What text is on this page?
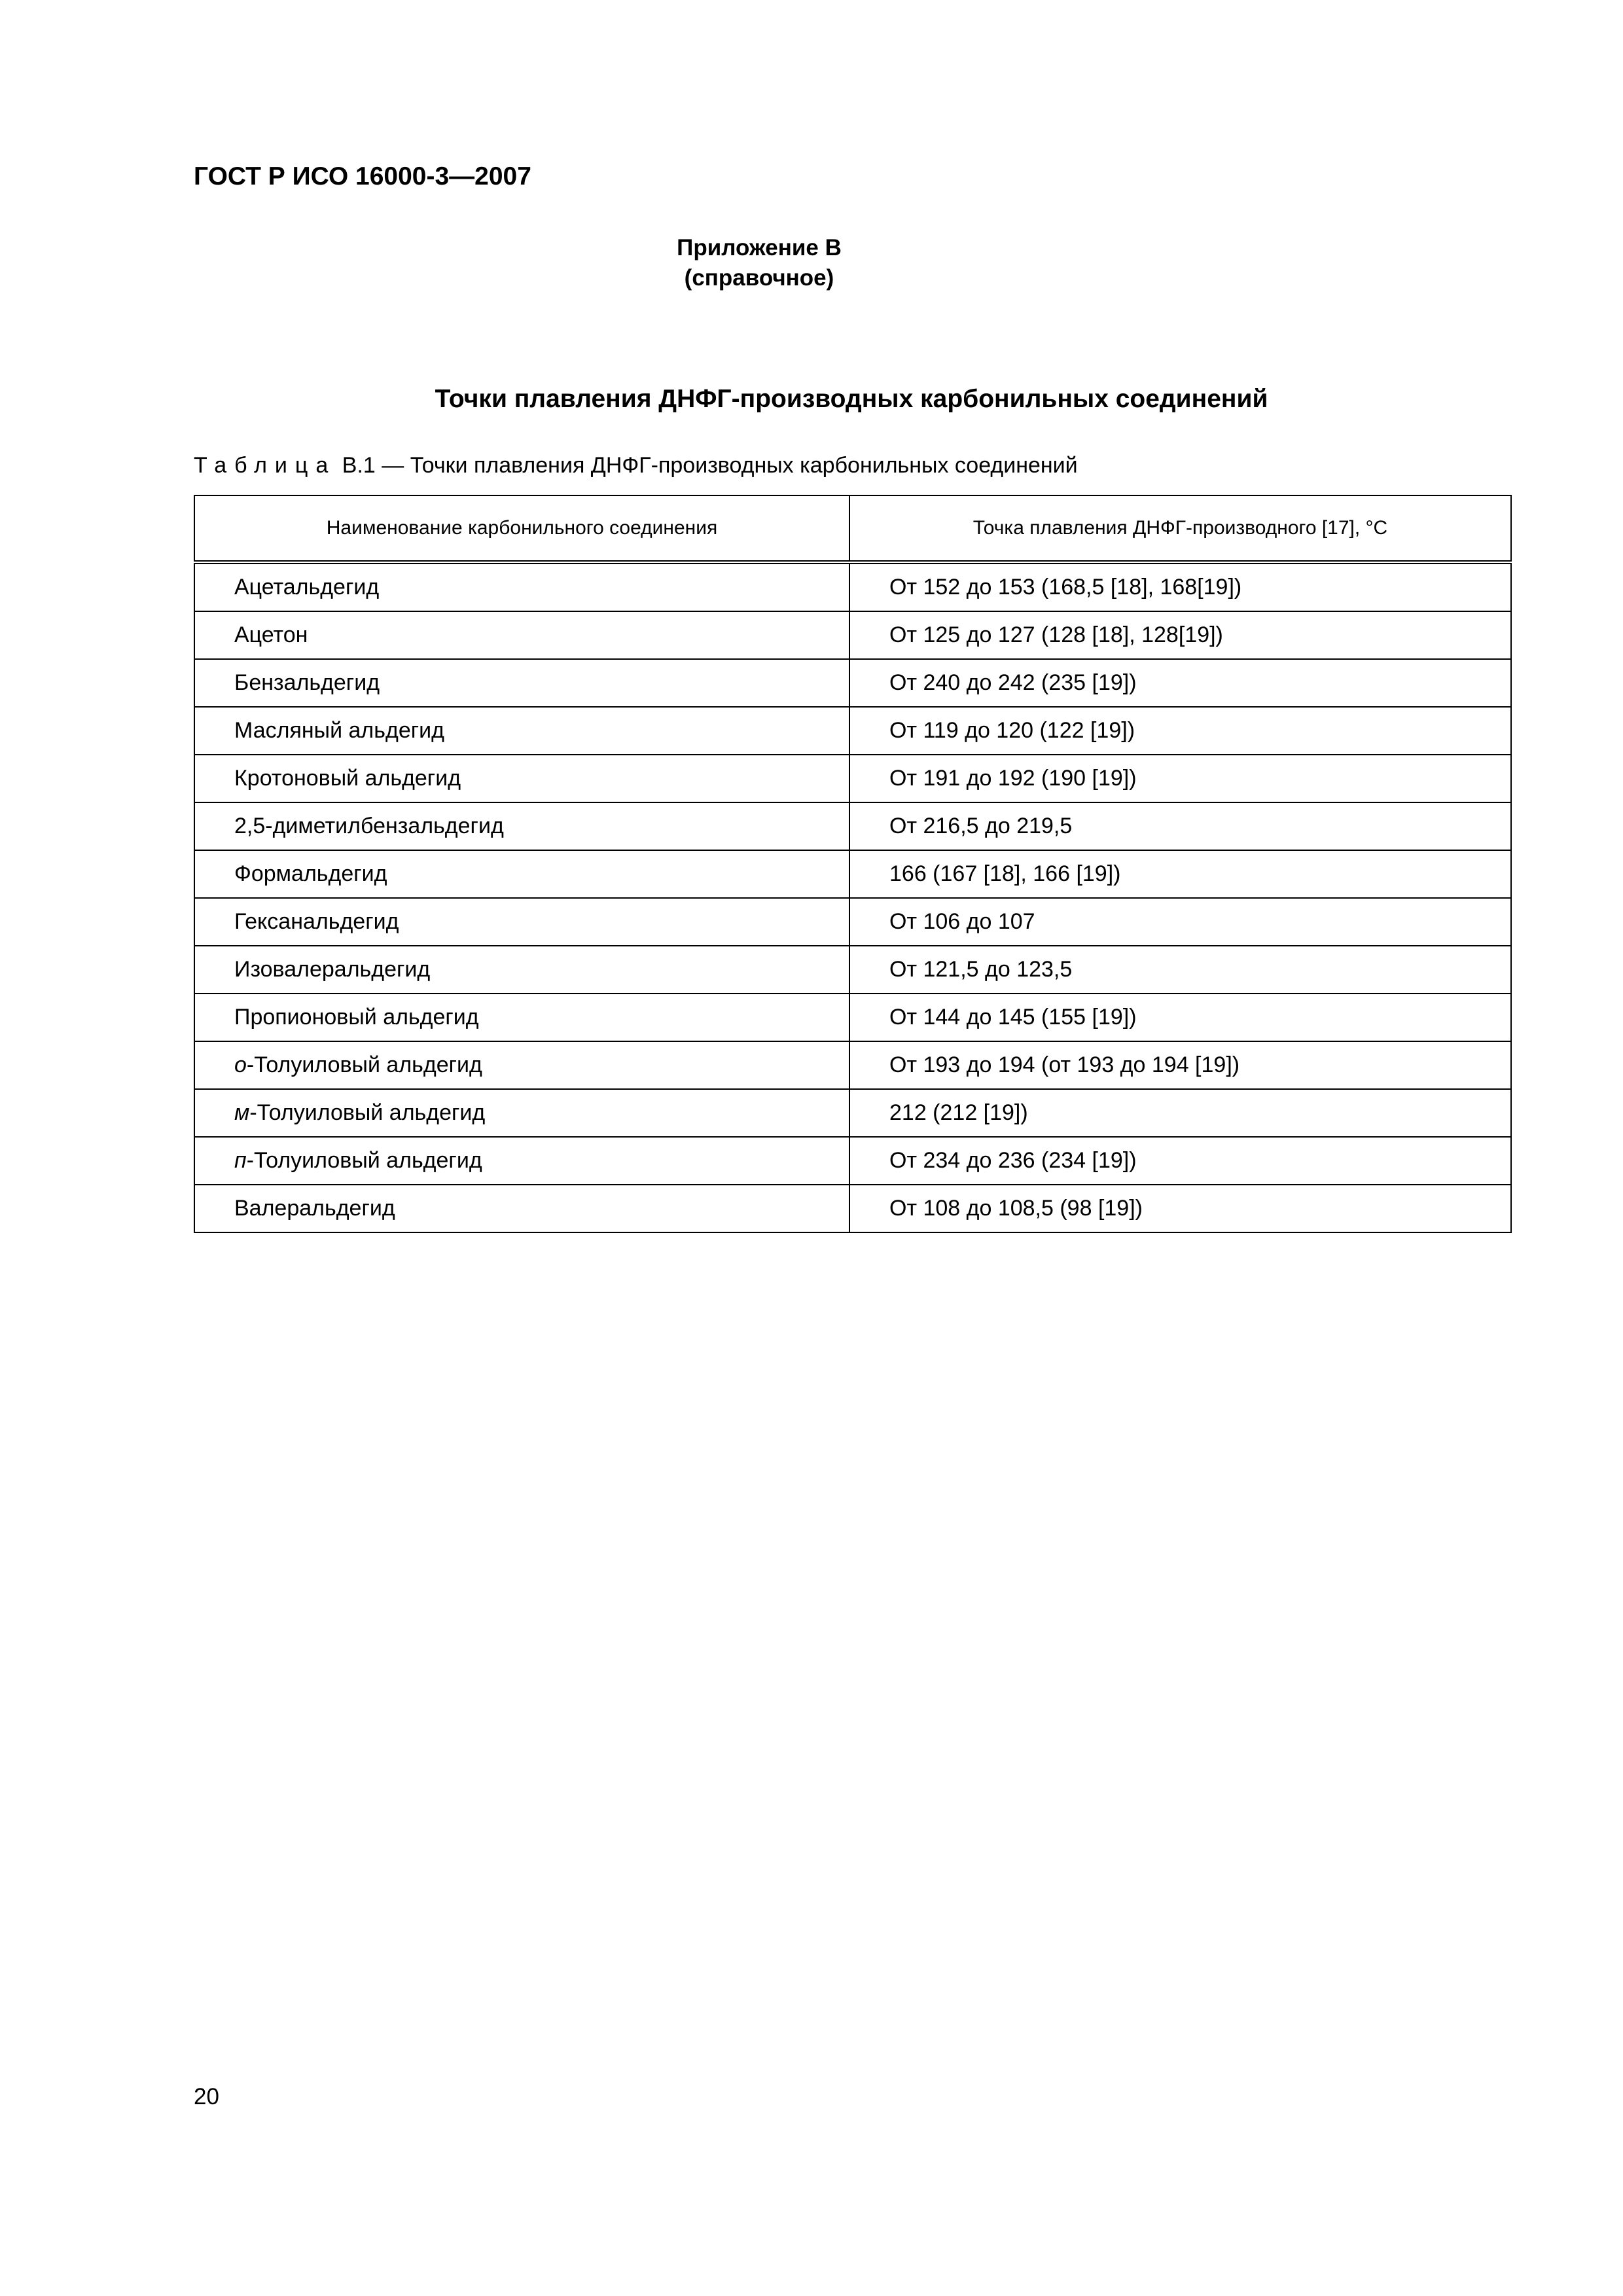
ГОСТ Р ИСО 16000-3—2007
Приложение В
(справочное)
Точки плавления ДНФГ-производных карбонильных соединений
Таблица В.1 — Точки плавления ДНФГ-производных карбонильных соединений
Наименование карбонильного соединения	Точка плавления ДНФГ-производного [17], °С
Ацетальдегид	От 152 до 153 (168,5 [18], 168[19])
Ацетон	От 125 до 127 (128 [18], 128[19])
Бензальдегид	От 240 до 242 (235 [19])
Масляный альдегид	От 119 до 120 (122 [19])
Кротоновый альдегид	От 191 до 192 (190 [19])
2,5-диметилбензальдегид	От 216,5 до 219,5
Формальдегид	166 (167 [18], 166 [19])
Гексанальдегид	От 106 до 107
Изовалеральдегид	От 121,5 до 123,5
Пропионовый альдегид	От 144 до 145 (155 [19])
о-Толуиловый альдегид	От 193 до 194 (от 193 до 194 [19])
м-Толуиловый альдегид	212 (212 [19])
п-Толуиловый альдегид	От 234 до 236 (234 [19])
Валеральдегид	От 108 до 108,5 (98 [19])
20
